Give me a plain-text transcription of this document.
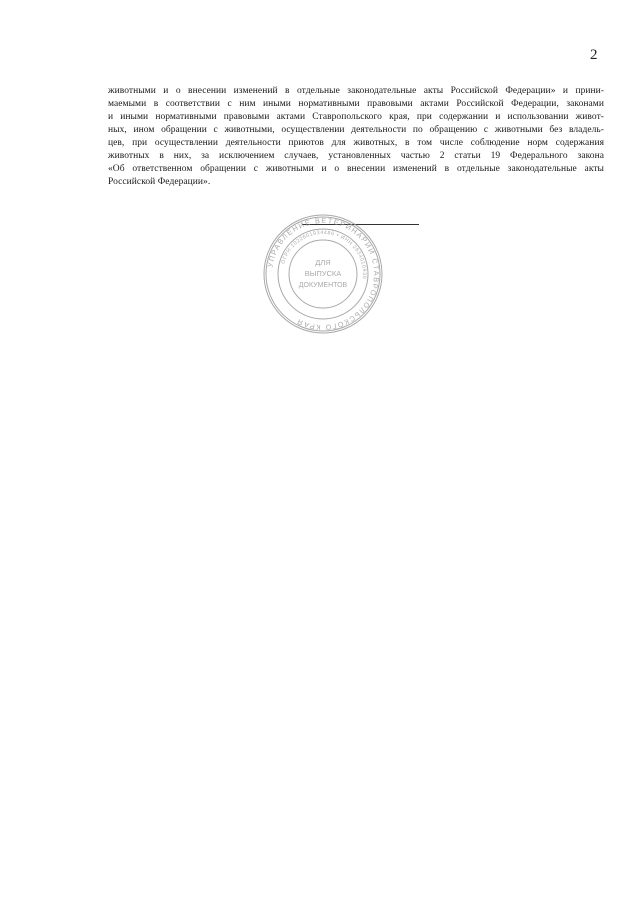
2
животными и о внесении изменений в отдельные законодательные акты Российской Федерации» и прини-
маемыми в соответствии с ним иными нормативными правовыми актами Российской Федерации, законами
и иными нормативными правовыми актами Ставропольского края, при содержании и использовании живот-
ных, ином обращении с животными, осуществлении деятельности по обращению с животными без владель-
цев, при осуществлении деятельности приютов для животных, в том числе соблюдение норм содержания
животных в них, за исключением случаев, установленных частью 2 статьи 19 Федерального закона
«Об ответственном обращении с животными и о внесении изменений в отдельные законодательные акты
Российской Федерации».
УПРАВЛЕНИЕ ВЕТЕРИНАРИИ СТАВРОПОЛЬСКОГО КРАЯ
ОГРН 1022601934486 • ИНН 2634010930
ДЛЯ
ВЫПУСКА
ДОКУМЕНТОВ
